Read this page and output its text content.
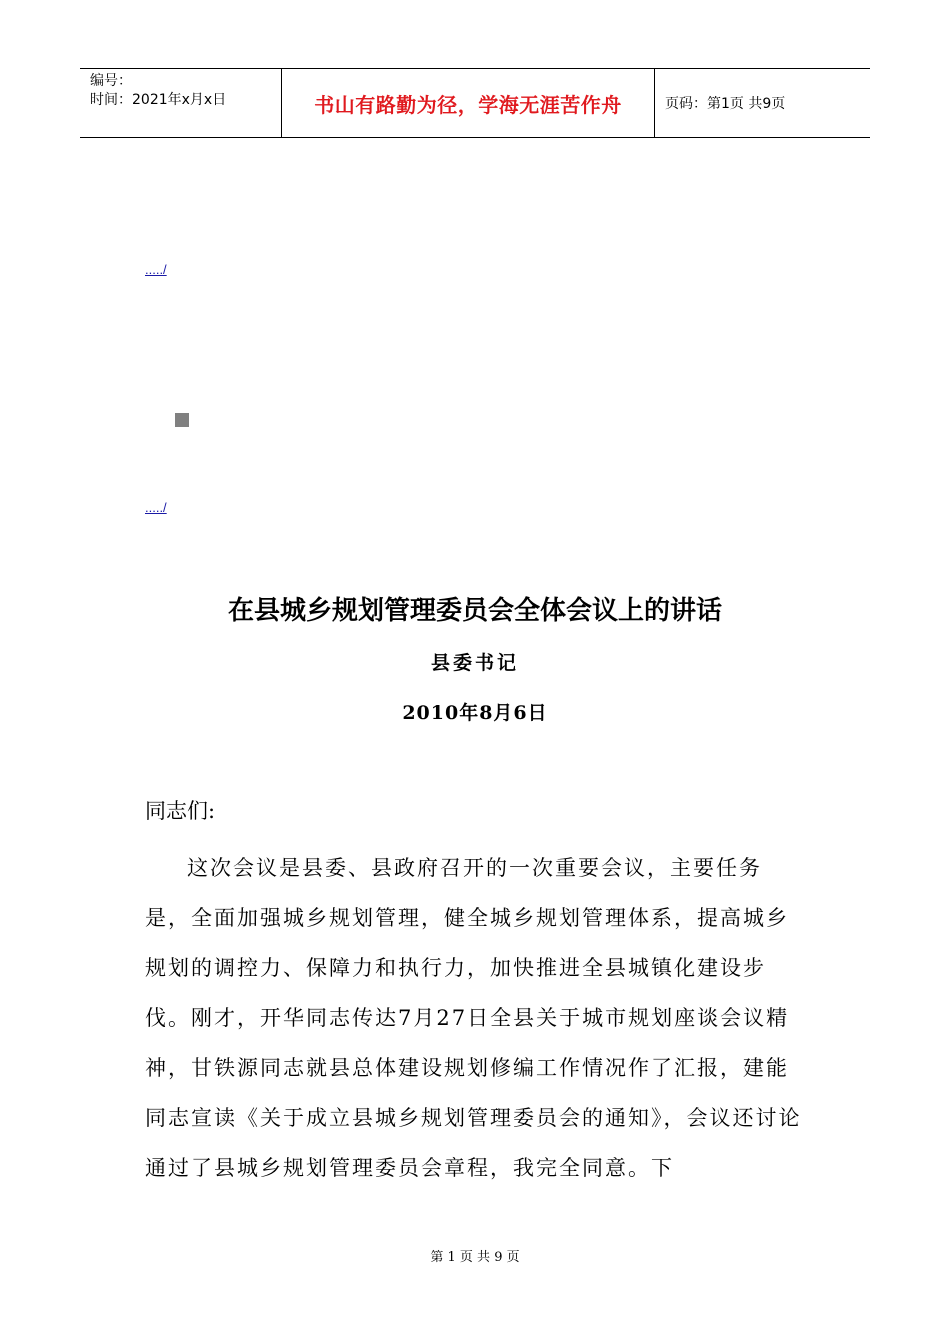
编号：
时间：2021年x月x日	书山有路勤为径，学海无涯苦作舟	页码：第1页 共9页
...../
...../
在县城乡规划管理委员会全体会议上的讲话
县委书记
2010年8月6日
同志们:

这次会议是县委、县政府召开的一次重要会议，主要任务是，全面加强城乡规划管理，健全城乡规划管理体系，提高城乡规划的调控力、保障力和执行力，加快推进全县城镇化建设步伐。刚才，开华同志传达7月27日全县关于城市规划座谈会议精神，甘铁源同志就县总体建设规划修编工作情况作了汇报，建能同志宣读《关于成立县城乡规划管理委员会的通知》，会议还讨论通过了县城乡规划管理委员会章程，我完全同意。下

第 1 页 共 9 页
